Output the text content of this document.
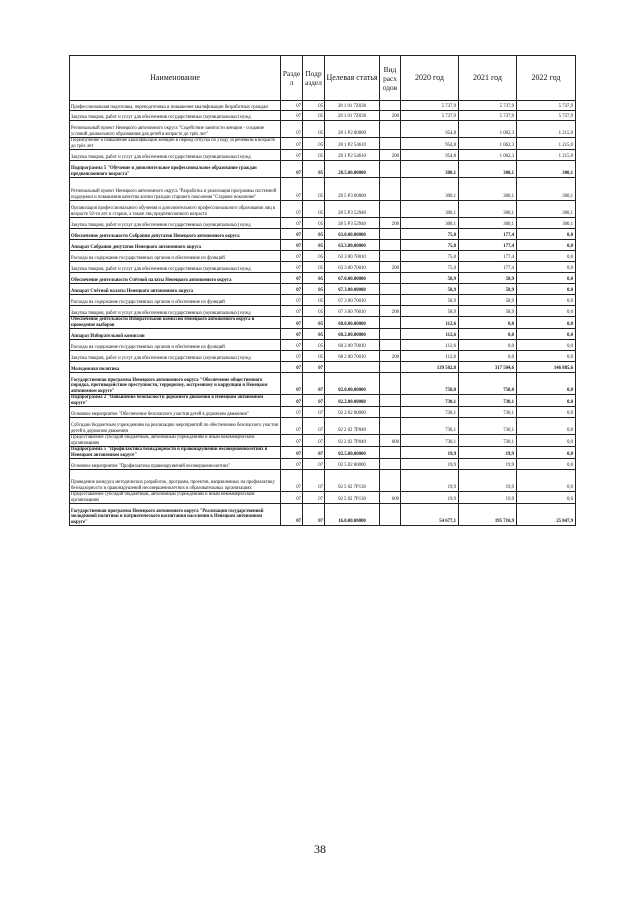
Наименование	Разде л	Подр аздел	Целевая статья	Вид расх одов	2020 год	2021 год	2022 год
Профессиональная подготовка, переподготовка и повышение квалификации безработных граждан	07	05	28 1 01 7Z030		5 737,9	5 737,9	5 737,9
Закупка товаров, работ и услуг для обеспечения государственных (муниципальных) нужд	07	05	28 1 01 7Z030	200	5 737,9	5 737,9	5 737,9
Региональный проект Ненецкого автономного округа "Содействие занятости женщин - создание условий дошкольного образования для детей в возрасте до трёх лет"	07	05	28 1 P2 00000		954,8	1 062,3	1 215,0
Переобучение и повышение квалификации женщин в период отпуска по уходу за ребёнком в возрасте до трёх лет	07	05	28 1 P2 54610		954,8	1 062,3	1 215,0
Закупка товаров, работ и услуг для обеспечения государственных (муниципальных) нужд	07	05	28 1 P2 54610	200	954,8	1 062,3	1 215,0
Подпрограмма 5 "Обучение и дополнительное профессиональное образование граждан предпенсионного возраста"	07	05	28.5.00.00000		300,1	300,1	300,1
Региональный проект Ненецкого автономного округа "Разработка и реализация программы системной поддержки и повышения качества жизни граждан старшего поколения "Старшее поколение"	07	05	28 5 P3 00000		300,1	300,1	300,1
Организация профессионального обучения и дополнительного профессионального образования лиц в возрасте 50-ти лет и старше, а также лиц предпенсионного возраста	07	05	28 5 P3 52940		300,1	300,1	300,1
Закупка товаров, работ и услуг для обеспечения государственных (муниципальных) нужд	07	05	28 5 P3 52940	200	300,1	300,1	300,1
Обеспечение деятельности Собрания депутатов Ненецкого автономного округа	07	05	63.0.00.00000		75,0	177,4	0,0
Аппарат Собрания депутатов Ненецкого автономного округа	07	05	63.3.00.00000		75,0	177,4	0,0
Расходы на содержание государственных органов и обеспечение их функций	07	05	63 3 00 70010		75,0	177,4	0,0
Закупка товаров, работ и услуг для обеспечения государственных (муниципальных) нужд	07	05	63 3 00 70010	200	75,0	177,4	0,0
Обеспечение деятельности Счётной палаты Ненецкого автономного округа	07	05	67.0.00.00000		58,9	58,9	0,0
Аппарат Счётной палаты Ненецкого автономного округа	07	05	67.3.00.00000		58,9	58,9	0,0
Расходы на содержание государственных органов и обеспечение их функций	07	05	67 3 00 70010		58,9	58,9	0,0
Закупка товаров, работ и услуг для обеспечения государственных (муниципальных) нужд	07	05	67 3 00 70010	200	58,9	58,9	0,0
Обеспечение деятельности Избирательной комиссии Ненецкого автономного округа и проведение выборов	07	05	68.0.00.00000		112,6	0,0	0,0
Аппарат Избирательной комиссии	07	05	68.2.00.00000		112,6	0,0	0,0
Расходы на содержание государственных органов и обеспечение их функций	07	05	68 2 00 70010		112,6	0,0	0,0
Закупка товаров, работ и услуг для обеспечения государственных (муниципальных) нужд	07	05	68 2 00 70010	200	112,6	0,0	0,0
Молодежная политика	07	07			139 502,8	317 504,6	146 885,6
Государственная программа Ненецкого автономного округа "Обеспечение общественного порядка, противодействие преступности, терроризму, экстремизму и коррупции в Ненецком автономном округе"	07	07	02.0.00.00000		750,0	750,0	0,0
Подпрограмма 2 "Повышение безопасности дорожного движения в Ненецком автономном округе"	07	07	02.2.00.00000		730,1	730,1	0,0
Основное мероприятие "Обеспечение безопасного участия детей в дорожном движении"	07	07	02 2 02 00000		730,1	730,1	0,0
Субсидии бюджетным учреждениям на реализацию мероприятий по обеспечению безопасного участия детей в дорожном движении	07	07	02 2 02 7P040		730,1	730,1	0,0
Предоставление субсидий бюджетным, автономным учреждениям и иным некоммерческим организациям	07	07	02 2 02 7P040	600	730,1	730,1	0,0
Подпрограмма 5 "Профилактика безнадзорности и правонарушений несовершеннолетних в Ненецком автономном округе"	07	07	02.5.00.00000		19,9	19,9	0,0
Основное мероприятие "Профилактика правонарушений несовершеннолетних"	07	07	02 5 02 00000		19,9	19,9	0,0
Проведение конкурса методических разработок, программ, проектов, направленных на профилактику безнадзорности и правонарушений несовершеннолетних в образовательных организациях	07	07	02 5 02 7P130		19,9	19,9	0,0
Предоставление субсидий бюджетным, автономным учреждениям и иным некоммерческим организациям	07	07	02 5 02 7P130	600	19,9	19,9	0,0
Государственная программа Ненецкого автономного округа "Реализация государственной молодёжной политики и патриотического воспитания населения в Ненецком автономном округе"	07	07	16.0.00.00000		54 677,1	195 716,9	25 847,9
38
